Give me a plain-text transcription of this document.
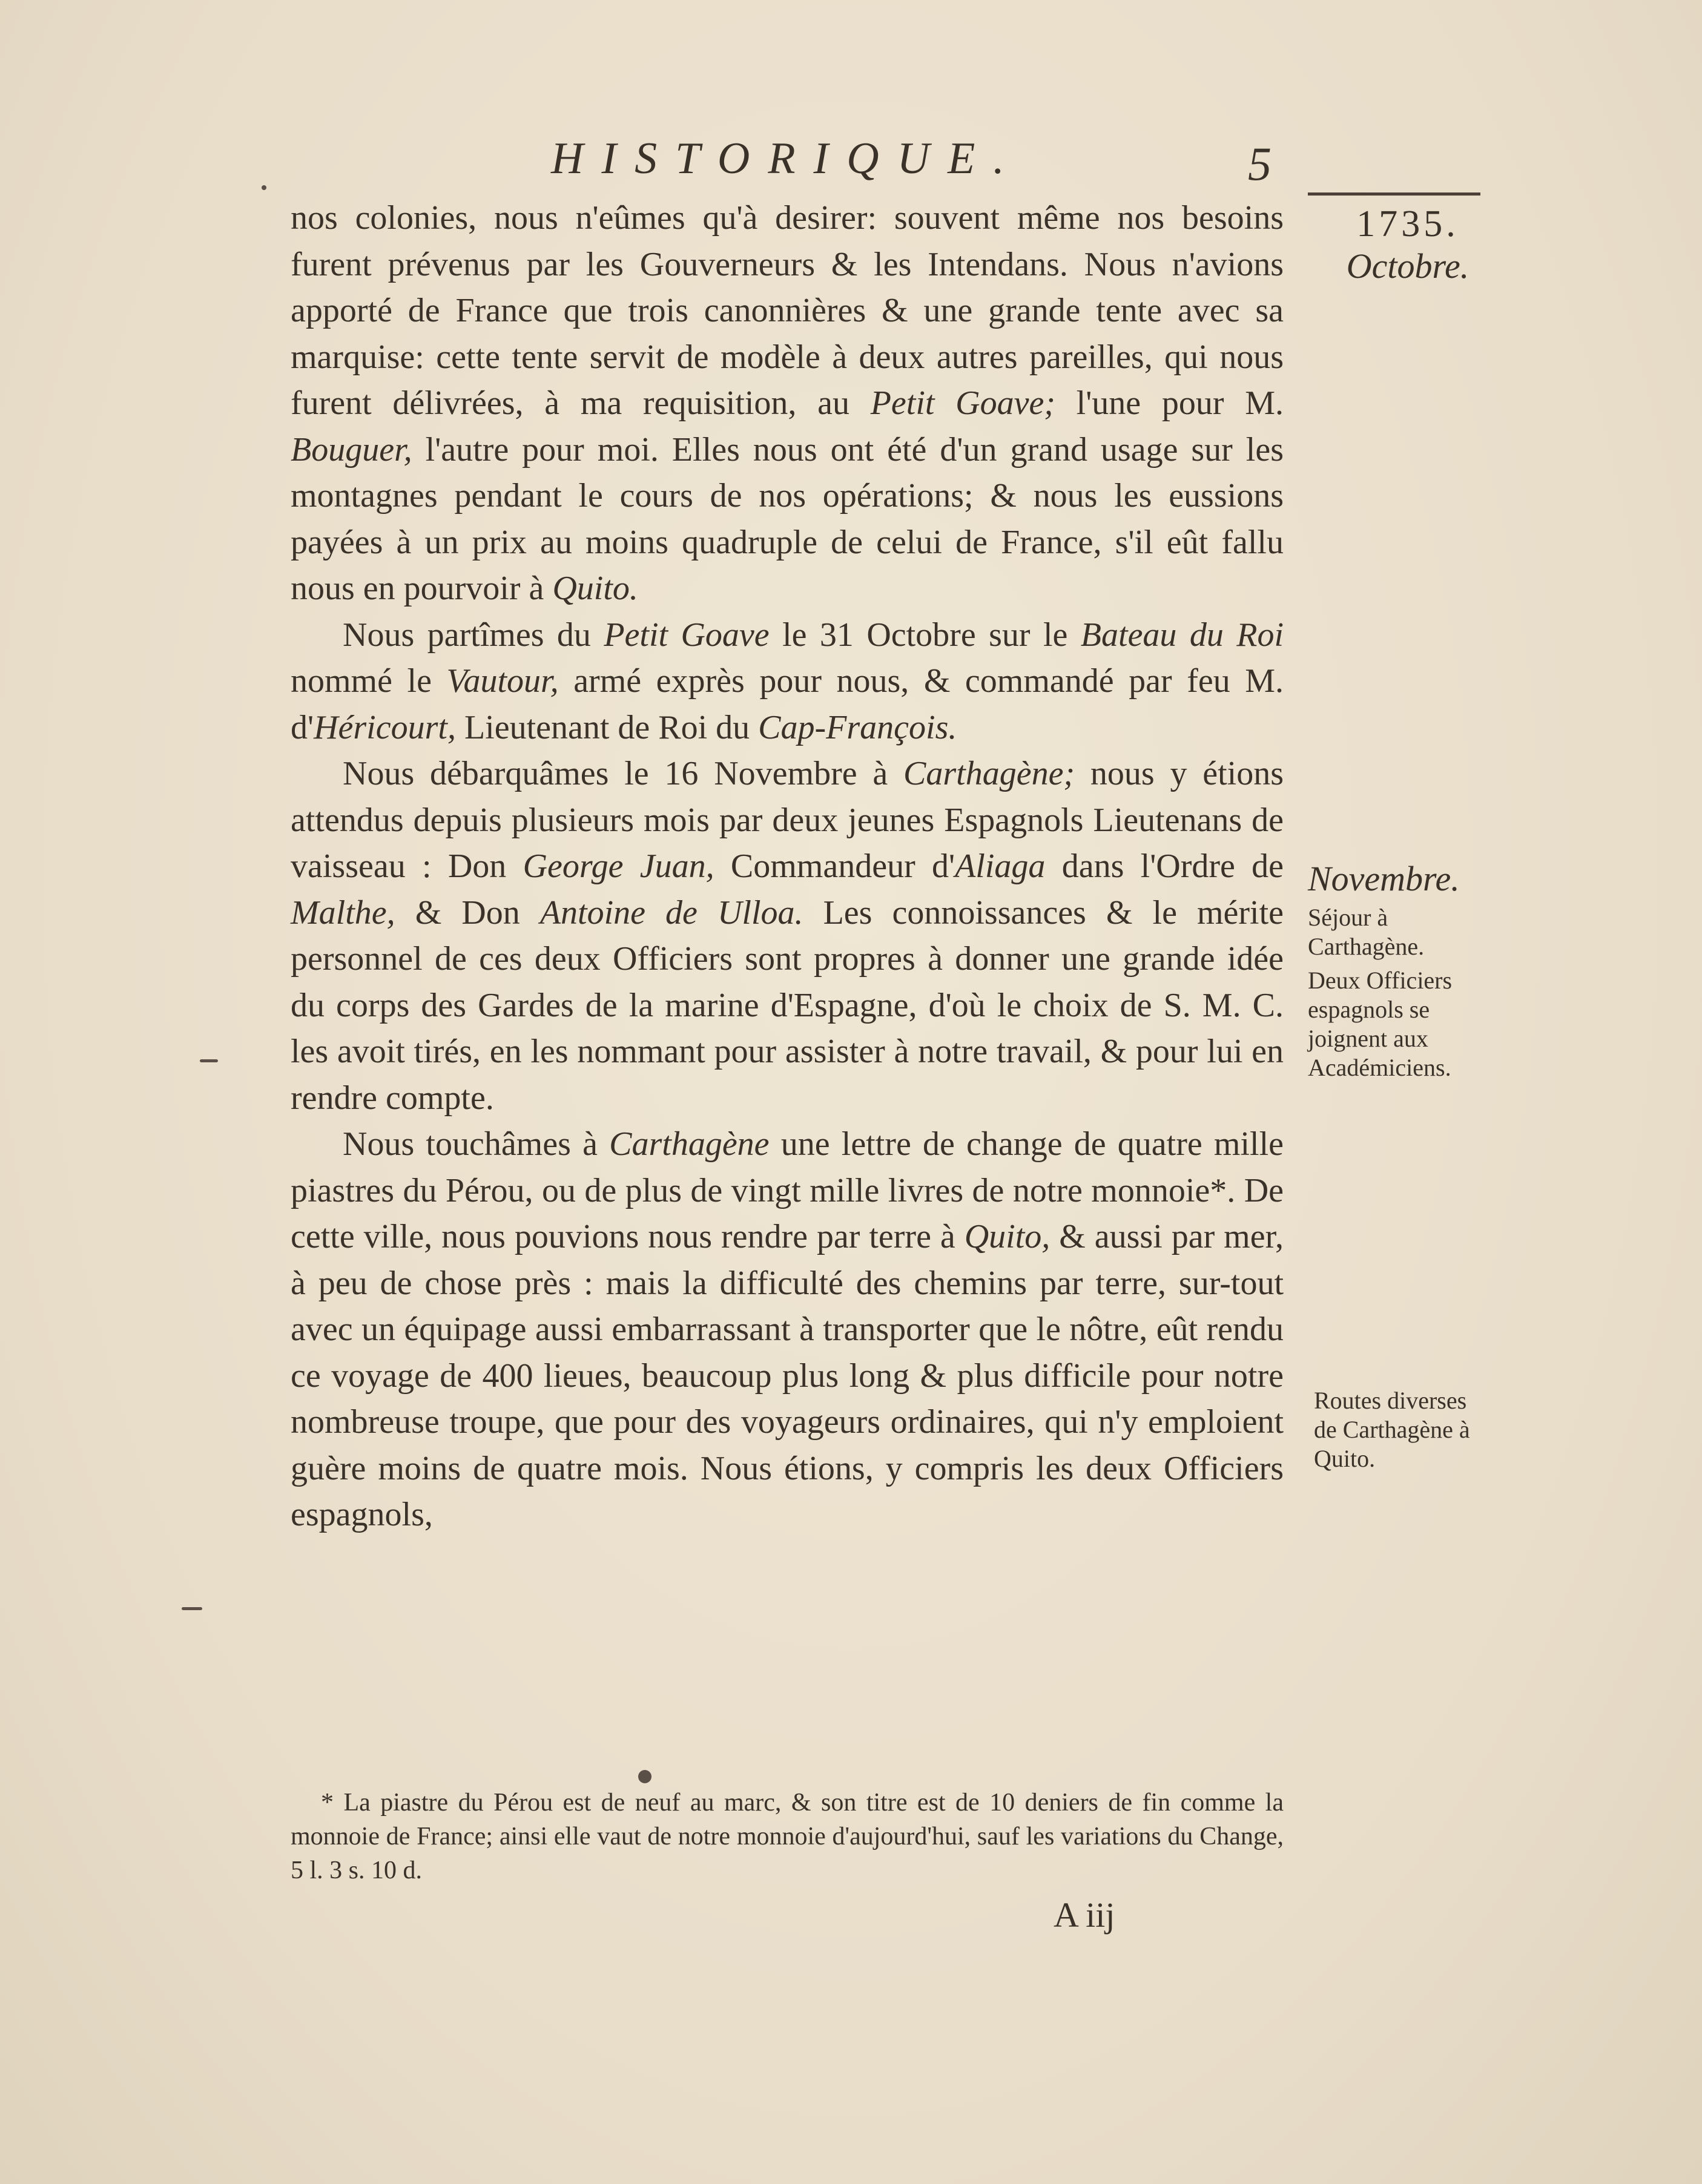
HISTORIQUE.	5
1735.
Octobre.

nos colonies, nous n'eûmes qu'à desirer: souvent même nos besoins furent prévenus par les Gouverneurs & les Intendans. Nous n'avions apporté de France que trois canonnières & une grande tente avec sa marquise: cette tente servit de modèle à deux autres pareilles, qui nous furent délivrées, à ma requisition, au Petit Goave; l'une pour M. Bouguer, l'autre pour moi. Elles nous ont été d'un grand usage sur les montagnes pendant le cours de nos opérations; & nous les eussions payées à un prix au moins quadruple de celui de France, s'il eût fallu nous en pourvoir à Quito.

Nous partîmes du Petit Goave le 31 Octobre sur le Bateau du Roi nommé le Vautour, armé exprès pour nous, & commandé par feu M. d'Héricourt, Lieutenant de Roi du Cap-François.

Nous débarquâmes le 16 Novembre à Carthagène; nous y étions attendus depuis plusieurs mois par deux jeunes Espagnols Lieutenans de vaisseau : Don George Juan, Commandeur d'Aliaga dans l'Ordre de Malthe, & Don Antoine de Ulloa. Les connoissances & le mérite personnel de ces deux Officiers sont propres à donner une grande idée du corps des Gardes de la marine d'Espagne, d'où le choix de S. M. C. les avoit tirés, en les nommant pour assister à notre travail, & pour lui en rendre compte.

Nous touchâmes à Carthagène une lettre de change de quatre mille piastres du Pérou, ou de plus de vingt mille livres de notre monnoie*. De cette ville, nous pouvions nous rendre par terre à Quito, & aussi par mer, à peu de chose près : mais la difficulté des chemins par terre, sur-tout avec un équipage aussi embarrassant à transporter que le nôtre, eût rendu ce voyage de 400 lieues, beaucoup plus long & plus difficile pour notre nombreuse troupe, que pour des voyageurs ordinaires, qui n'y emploient guère moins de quatre mois. Nous étions, y compris les deux Officiers espagnols,

Novembre.
Séjour à Carthagène.
Deux Officiers espagnols se joignent aux Académiciens.
Routes diverses de Carthagène à Quito.
* La piastre du Pérou est de neuf au marc, & son titre est de 10 deniers de fin comme la monnoie de France; ainsi elle vaut de notre monnoie d'aujourd'hui, sauf les variations du Change, 5 l. 3 s. 10 d.
A iij
